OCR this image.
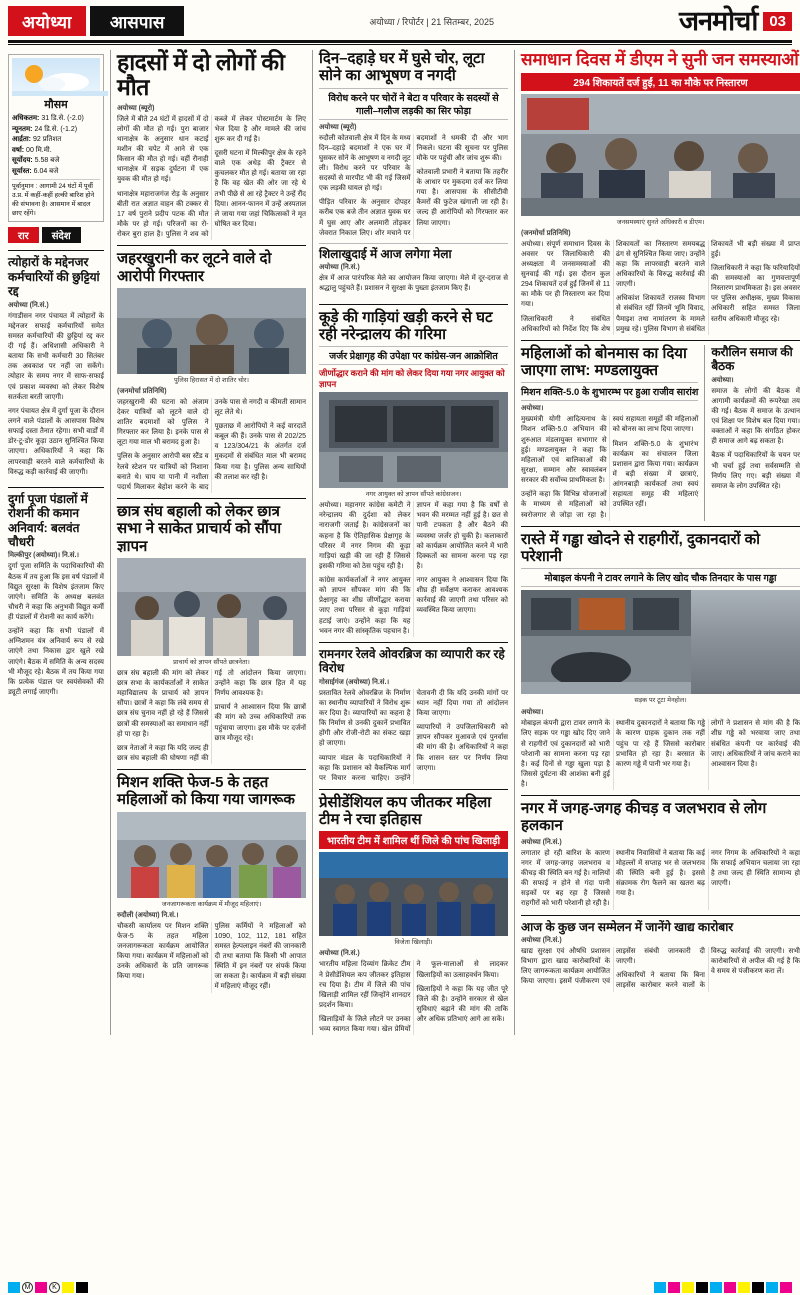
अयोध्या	आसपास	अयोध्या / रिपोर्टर | 21 सितम्बर, 2025	जनमोर्चा 03
मौसम
अधिकतम: 31 डि.से. (-2.0)
न्यूनतम: 24 डि.से. (-1.2)
आर्द्रता: 92 प्रतिशत
वर्षा: 00 मि.मी.
सूर्योदय: 5.58 बजे
सूर्यास्त: 6.04 बजे
पूर्वानुमान : आगामी 24 घंटों में पूर्वी उ.प्र. में कहीं-कहीं हल्की बारिश होने की संभावना है। आसमान में बादल छाए रहेंगे।
रार	संदेश
त्योहारों के मद्देनजर कर्मचारियों की छुट्टियां रद्द
अयोध्या (नि.सं.)

गंगाडीसन नगर पंचायत में त्योहारों के मद्देनजर सफाई कर्मचारियों समेत समस्त कर्मचारियों की छुट्टियां रद्द कर दी गई हैं। अधिशासी अधिकारी ने बताया कि सभी कर्मचारी 30 सितंबर तक अवकाश पर नहीं जा सकेंगे। त्योहार के समय नगर में साफ-सफाई एवं प्रकाश व्यवस्था को लेकर विशेष सतर्कता बरती जाएगी।

नगर पंचायत क्षेत्र में दुर्गा पूजा के दौरान लगने वाले पंडालों के आसपास विशेष सफाई दस्ता तैनात रहेगा। सभी वार्डों में डोर-टू-डोर कूड़ा उठान सुनिश्चित किया जाएगा। अधिकारियों ने कहा कि लापरवाही बरतने वाले कर्मचारियों के विरुद्ध कड़ी कार्रवाई की जाएगी।

दुर्गा पूजा पंडालों में रोशनी की कमान अनिवार्य: बलवंत चौधरी
मिल्कीपुर (अयोध्या)। नि.सं.।

दुर्गा पूजा समिति के पदाधिकारियों की बैठक में तय हुआ कि इस वर्ष पंडालों में विद्युत सुरक्षा के विशेष इंतजाम किए जाएंगे। समिति के अध्यक्ष बलवंत चौधरी ने कहा कि अनुभवी विद्युत कर्मी ही पंडालों में रोशनी का कार्य करेंगे।

उन्होंने कहा कि सभी पंडालों में अग्निशमन यंत्र अनिवार्य रूप से रखे जाएंगे तथा निकास द्वार खुले रखे जाएंगे। बैठक में समिति के अन्य सदस्य भी मौजूद रहे। बैठक में तय किया गया कि प्रत्येक पंडाल पर स्वयंसेवकों की ड्यूटी लगाई जाएगी।

हादसों में दो लोगों की मौत
अयोध्या (ब्यूरो)

जिले में बीते 24 घंटों में हादसों में दो लोगों की मौत हो गई। पुरा बाजार थानाक्षेत्र के अनुसार धान कटाई मशीन की चपेट में आने से एक किसान की मौत हो गई। वहीं रौनाही थानाक्षेत्र में सड़क दुर्घटना में एक युवक की मौत हो गई।

थानाक्षेत्र महाराजगंज रोड़ के अनुसार बीती रात अज्ञात वाहन की टक्कर से 17 वर्ष पुराने प्रदीप पटक की मौत मौके पर हो गई। परिजनों का रो-रोकर बुरा हाल है। पुलिस ने शव को कब्जे में लेकर पोस्टमार्टम के लिए भेज दिया है और मामले की जांच शुरू कर दी गई है।

दूसरी घटना में मिल्कीपुर क्षेत्र के रहने वाले एक अधेड़ की ट्रैक्टर से कुचलकर मौत हो गई। बताया जा रहा है कि वह खेत की ओर जा रहे थे तभी पीछे से आ रहे ट्रैक्टर ने उन्हें रौंद दिया। आनन-फानन में उन्हें अस्पताल ले जाया गया जहां चिकित्सकों ने मृत घोषित कर दिया।

जहरखुरानी कर लूटने वाले दो आरोपी गिरफ्तार
पुलिस हिरासत में दो शातिर चोर।
(जनमोर्चा प्रतिनिधि)

जहरखुरानी की घटना को अंजाम देकर यात्रियों को लूटने वाले दो शातिर बदमाशों को पुलिस ने गिरफ्तार कर लिया है। इनके पास से लूटा गया माल भी बरामद हुआ है।

पुलिस के अनुसार आरोपी बस स्टैंड व रेलवे स्टेशन पर यात्रियों को निशाना बनाते थे। चाय या पानी में नशीला पदार्थ मिलाकर बेहोश करने के बाद उनके पास से नगदी व कीमती सामान लूट लेते थे।

पूछताछ में आरोपियों ने कई वारदातें कबूल की हैं। उनके पास से 202/25 व 123/304/21 के अंतर्गत दर्ज मुकदमों से संबंधित माल भी बरामद किया गया है। पुलिस अन्य साथियों की तलाश कर रही है।

छात्र संघ बहाली को लेकर छात्र सभा ने साकेत प्राचार्य को सौंपा ज्ञापन
प्राचार्य को ज्ञापन सौंपते छात्रनेता।

छात्र संघ बहाली की मांग को लेकर छात्र सभा के कार्यकर्ताओं ने साकेत महाविद्यालय के प्राचार्य को ज्ञापन सौंपा। छात्रों ने कहा कि लंबे समय से छात्र संघ चुनाव नहीं हो रहे हैं जिससे छात्रों की समस्याओं का समाधान नहीं हो पा रहा है।

छात्र नेताओं ने कहा कि यदि जल्द ही छात्र संघ बहाली की घोषणा नहीं की गई तो आंदोलन किया जाएगा। उन्होंने कहा कि छात्र हित में यह निर्णय आवश्यक है।

प्राचार्य ने आश्वासन दिया कि छात्रों की मांग को उच्च अधिकारियों तक पहुंचाया जाएगा। इस मौके पर दर्जनों छात्र मौजूद रहे।

मिशन शक्ति फेज-5 के तहत महिलाओं को किया गया जागरूक
जनजागरूकता कार्यक्रम में मौजूद महिलाएं।
रुदौली (अयोध्या) नि.सं.।

चौकसी कार्यालय पर मिशन शक्ति फेज-5 के तहत महिला जनजागरूकता कार्यक्रम आयोजित किया गया। कार्यक्रम में महिलाओं को उनके अधिकारों के प्रति जागरूक किया गया।

पुलिस कर्मियों ने महिलाओं को 1090, 102, 112, 181 सहित समस्त हेल्पलाइन नंबरों की जानकारी दी तथा बताया कि किसी भी आपात स्थिति में इन नंबरों पर संपर्क किया जा सकता है। कार्यक्रम में बड़ी संख्या में महिलाएं मौजूद रहीं।

दिन–दहाड़े घर में घुसे चोर, लूटा सोने का आभूषण व नगदी
विरोध करने पर चोरों ने बेटा व परिवार के सदस्यों से गाली–गलौज लड़की का सिर फोड़ा
अयोध्या (ब्यूरो)

रुदौली कोतवाली क्षेत्र में दिन के मध्य दिन–दहाड़े बदमाशों ने एक घर में घुसकर सोने के आभूषण व नगदी लूट ली। विरोध करने पर परिवार के सदस्यों से मारपीट भी की गई जिसमें एक लड़की घायल हो गई।

पीड़ित परिवार के अनुसार दोपहर करीब एक बजे तीन अज्ञात युवक घर में घुस आए और अलमारी तोड़कर जेवरात निकाल लिए। शोर मचाने पर बदमाशों ने धमकी दी और भाग निकले। घटना की सूचना पर पुलिस मौके पर पहुंची और जांच शुरू की।

कोतवाली प्रभारी ने बताया कि तहरीर के आधार पर मुकदमा दर्ज कर लिया गया है। आसपास के सीसीटीवी कैमरों की फुटेज खंगाली जा रही है। जल्द ही आरोपियों को गिरफ्तार कर लिया जाएगा।

शिलाखुदाई में आज लगेगा मेला
अयोध्या (नि.सं.)

क्षेत्र में आज पारंपरिक मेले का आयोजन किया जाएगा। मेले में दूर-दराज से श्रद्धालु पहुंचते हैं। प्रशासन ने सुरक्षा के पुख्ता इंतजाम किए हैं।

कूड़े की गाड़ियां खड़ी करने से घट रही नरेन्द्रालय की गरिमा
जर्जर प्रेक्षागृह की उपेक्षा पर कांग्रेस-जन आक्रोशित
जीर्णोद्धार कराने की मांग को लेकर दिया गया नगर आयुक्त को ज्ञापन
नगर आयुक्त को ज्ञापन सौंपते कांग्रेसजन।

अयोध्या। महानगर कांग्रेस कमेटी ने नरेन्द्रालय की दुर्दशा को लेकर नाराजगी जताई है। कांग्रेसजनों का कहना है कि ऐतिहासिक प्रेक्षागृह के परिसर में नगर निगम की कूड़ा गाड़ियां खड़ी की जा रही हैं जिससे इसकी गरिमा को ठेस पहुंच रही है।

कांग्रेस कार्यकर्ताओं ने नगर आयुक्त को ज्ञापन सौंपकर मांग की कि प्रेक्षागृह का शीघ्र जीर्णोद्धार कराया जाए तथा परिसर से कूड़ा गाड़ियां हटाई जाएं। उन्होंने कहा कि यह भवन नगर की सांस्कृतिक पहचान है।

ज्ञापन में कहा गया है कि वर्षों से भवन की मरम्मत नहीं हुई है। छत से पानी टपकता है और बैठने की व्यवस्था जर्जर हो चुकी है। कलाकारों को कार्यक्रम आयोजित करने में भारी दिक्कतों का सामना करना पड़ रहा है।

नगर आयुक्त ने आश्वासन दिया कि शीघ्र ही सर्वेक्षण कराकर आवश्यक कार्रवाई की जाएगी तथा परिसर को व्यवस्थित किया जाएगा।

रामनगर रेलवे ओवरब्रिज का व्यापारी कर रहे विरोध
गोसाईगंज (अयोध्या) नि.सं.।

प्रस्तावित रेलवे ओवरब्रिज के निर्माण का स्थानीय व्यापारियों ने विरोध शुरू कर दिया है। व्यापारियों का कहना है कि निर्माण से उनकी दुकानें प्रभावित होंगी और रोजी-रोटी का संकट खड़ा हो जाएगा।

व्यापार मंडल के पदाधिकारियों ने कहा कि प्रशासन को वैकल्पिक मार्ग पर विचार करना चाहिए। उन्होंने चेतावनी दी कि यदि उनकी मांगों पर ध्यान नहीं दिया गया तो आंदोलन किया जाएगा।

व्यापारियों ने उपजिलाधिकारी को ज्ञापन सौंपकर मुआवजे एवं पुनर्वास की मांग की है। अधिकारियों ने कहा कि शासन स्तर पर निर्णय लिया जाएगा।

प्रेसीडेंशियल कप जीतकर महिला टीम ने रचा इतिहास
भारतीय टीम में शामिल थीं जिले की पांच खिलाड़ी
विजेता खिलाड़ी।
अयोध्या (नि.सं.)

भारतीय महिला दिव्यांग क्रिकेट टीम ने प्रेसीडेंशियल कप जीतकर इतिहास रच दिया है। टीम में जिले की पांच खिलाड़ी शामिल रहीं जिन्होंने शानदार प्रदर्शन किया।

खिलाड़ियों के जिले लौटने पर उनका भव्य स्वागत किया गया। खेल प्रेमियों ने फूल-मालाओं से लादकर खिलाड़ियों का उत्साहवर्धन किया।

खिलाड़ियों ने कहा कि यह जीत पूरे जिले की है। उन्होंने सरकार से खेल सुविधाएं बढ़ाने की मांग की ताकि और अधिक प्रतिभाएं आगे आ सकें।

समाधान दिवस में डीएम ने सुनी जन समस्याओं
294 शिकायतें दर्ज हुईं, 11 का मौके पर निस्तारण
जनसमस्याएं सुनते अधिकारी व डीएम।
(जनमोर्चा प्रतिनिधि)

अयोध्या। संपूर्ण समाधान दिवस के अवसर पर जिलाधिकारी की अध्यक्षता में जनसमस्याओं की सुनवाई की गई। इस दौरान कुल 294 शिकायतें दर्ज हुईं जिनमें से 11 का मौके पर ही निस्तारण कर दिया गया।

जिलाधिकारी ने संबंधित अधिकारियों को निर्देश दिए कि शेष शिकायतों का निस्तारण समयबद्ध ढंग से सुनिश्चित किया जाए। उन्होंने कहा कि लापरवाही बरतने वाले अधिकारियों के विरुद्ध कार्रवाई की जाएगी।

अधिकांश शिकायतें राजस्व विभाग से संबंधित रहीं जिनमें भूमि विवाद, पैमाइश तथा नामांतरण के मामले प्रमुख रहे। पुलिस विभाग से संबंधित शिकायतें भी बड़ी संख्या में प्राप्त हुईं।

जिलाधिकारी ने कहा कि फरियादियों की समस्याओं का गुणवत्तापूर्ण निस्तारण प्राथमिकता है। इस अवसर पर पुलिस अधीक्षक, मुख्य विकास अधिकारी सहित समस्त जिला स्तरीय अधिकारी मौजूद रहे।

महिलाओं को बोनमास का दिया जाएगा लाभ: मण्डलायुक्त
मिशन शक्ति-5.0 के शुभारम्भ पर हुआ राजीव सारांश
अयोध्या।

मुख्यमंत्री योगी आदित्यनाथ के मिशन शक्ति-5.0 अभियान की शुरुआत मंडलायुक्त सभागार से हुई। मण्डलायुक्त ने कहा कि महिलाओं एवं बालिकाओं की सुरक्षा, सम्मान और स्वावलंबन सरकार की सर्वोच्च प्राथमिकता है।

उन्होंने कहा कि विभिन्न योजनाओं के माध्यम से महिलाओं को स्वरोजगार से जोड़ा जा रहा है। स्वयं सहायता समूहों की महिलाओं को बोनस का लाभ दिया जाएगा।

मिशन शक्ति-5.0 के शुभारंभ कार्यक्रम का संचालन जिला प्रशासन द्वारा किया गया। कार्यक्रम में बड़ी संख्या में छात्राएं, आंगनबाड़ी कार्यकर्ता तथा स्वयं सहायता समूह की महिलाएं उपस्थित रहीं।

करौलिन समाज की बैठक
अयोध्या।

समाज के लोगों की बैठक में आगामी कार्यक्रमों की रूपरेखा तय की गई। बैठक में समाज के उत्थान एवं शिक्षा पर विशेष बल दिया गया। वक्ताओं ने कहा कि संगठित होकर ही समाज आगे बढ़ सकता है।

बैठक में पदाधिकारियों के चयन पर भी चर्चा हुई तथा सर्वसम्मति से निर्णय लिए गए। बड़ी संख्या में समाज के लोग उपस्थित रहे।

रास्ते में गड्ढा खोदने से राहगीरों, दुकानदारों को परेशानी
मोबाइल कंपनी ने टावर लगाने के लिए खोद चौक तिनदार के पास गड्ढा
सड़क पर टूटा मेनहोल।
अयोध्या।

मोबाइल कंपनी द्वारा टावर लगाने के लिए सड़क पर गड्ढा खोद दिए जाने से राहगीरों एवं दुकानदारों को भारी परेशानी का सामना करना पड़ रहा है। कई दिनों से गड्ढा खुला पड़ा है जिससे दुर्घटना की आशंका बनी हुई है।

स्थानीय दुकानदारों ने बताया कि गड्ढे के कारण ग्राहक दुकान तक नहीं पहुंच पा रहे हैं जिससे कारोबार प्रभावित हो रहा है। बरसात के कारण गड्ढे में पानी भर गया है।

लोगों ने प्रशासन से मांग की है कि शीघ्र गड्ढे को भरवाया जाए तथा संबंधित कंपनी पर कार्रवाई की जाए। अधिकारियों ने जांच कराने का आश्वासन दिया है।

नगर में जगह-जगह कीचड़ व जलभराव से लोग हलकान
अयोध्या (नि.सं.)

लगातार हो रही बारिश के कारण नगर में जगह-जगह जलभराव व कीचड़ की स्थिति बन गई है। नालियों की सफाई न होने से गंदा पानी सड़कों पर बह रहा है जिससे राहगीरों को भारी परेशानी हो रही है।

स्थानीय निवासियों ने बताया कि कई मोहल्लों में सप्ताह भर से जलभराव की स्थिति बनी हुई है। इससे संक्रामक रोग फैलने का खतरा बढ़ गया है।

नगर निगम के अधिकारियों ने कहा कि सफाई अभियान चलाया जा रहा है तथा जल्द ही स्थिति सामान्य हो जाएगी।

आज के कुछ जन सम्मेलन में जानेंगे खाद्य कारोबार
अयोध्या (नि.सं.)

खाद्य सुरक्षा एवं औषधि प्रशासन विभाग द्वारा खाद्य कारोबारियों के लिए जागरूकता कार्यक्रम आयोजित किया जाएगा। इसमें पंजीकरण एवं लाइसेंस संबंधी जानकारी दी जाएगी।

अधिकारियों ने बताया कि बिना लाइसेंस कारोबार करने वालों के विरुद्ध कार्रवाई की जाएगी। सभी कारोबारियों से अपील की गई है कि वे समय से पंजीकरण करा लें।

M	K
